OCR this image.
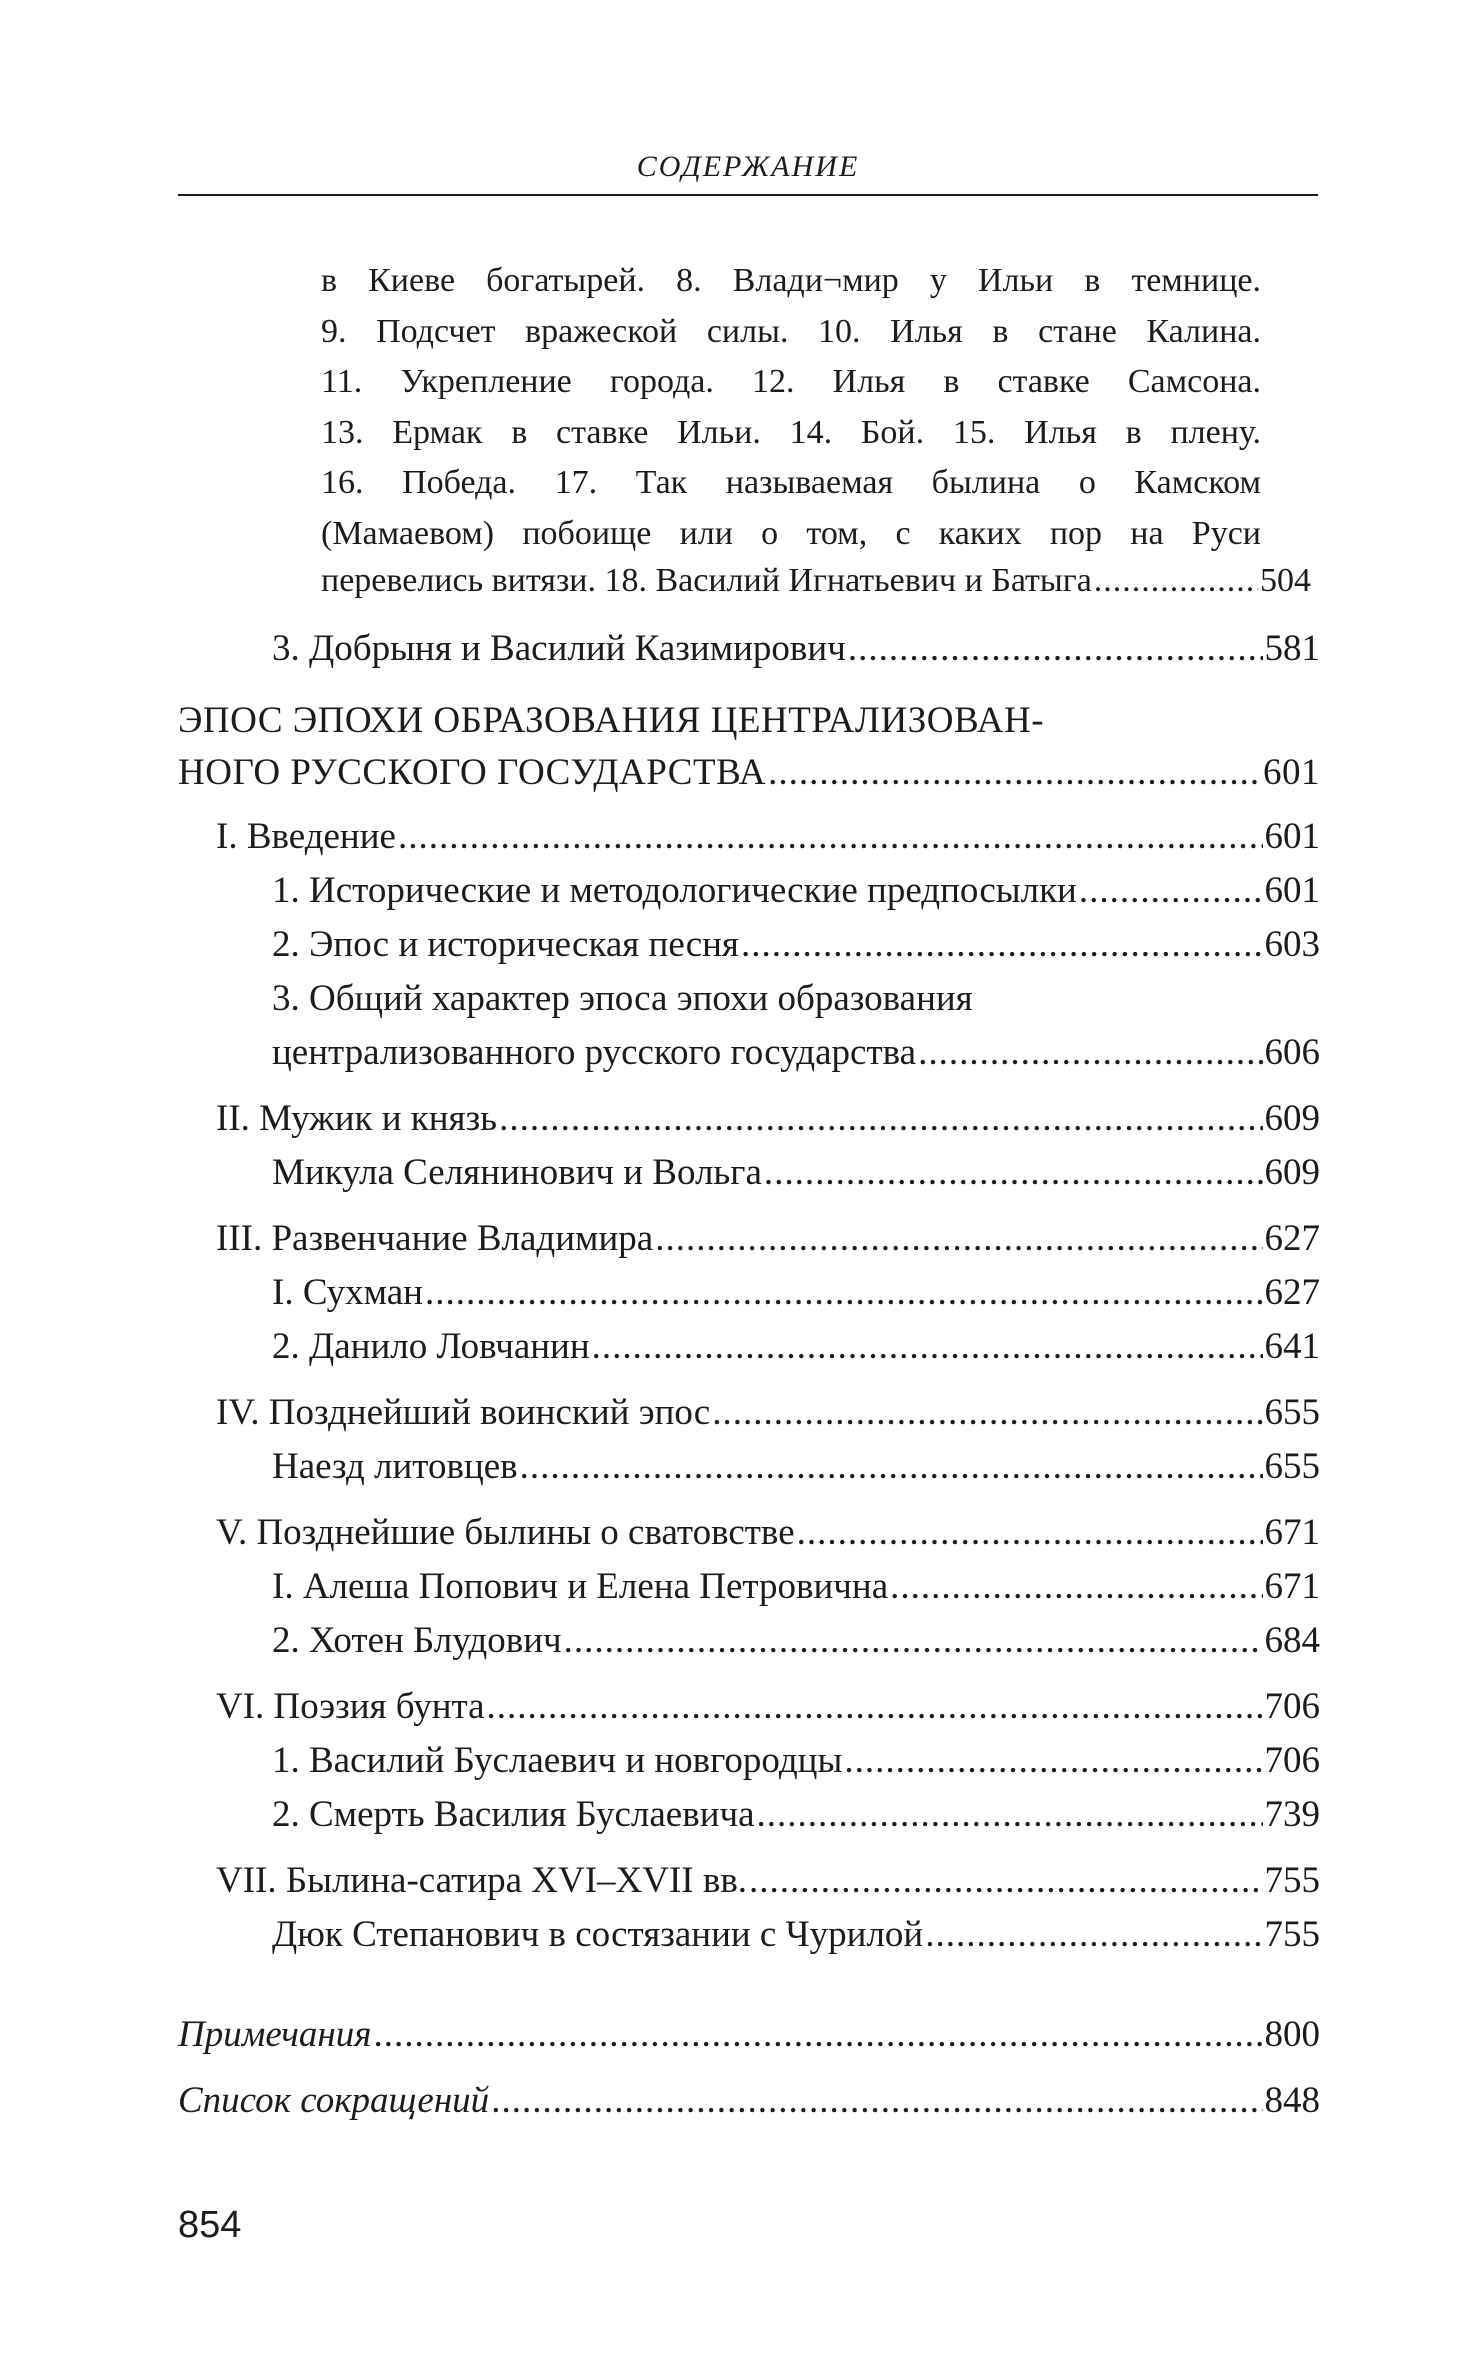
СОДЕРЖАНИЕ
в Киеве богатырей. 8. Влади¬мир у Ильи в темнице.
9. Подсчет вражеской силы. 10. Илья в стане Калина.
11. Укрепление города. 12. Илья в ставке Самсона.
13. Ермак в ставке Ильи. 14. Бой. 15. Илья в плену.
16. Победа. 17. Так называемая былина о Камском
(Мамаевом) побоище или о том, с каких пор на Руси
перевелись витязи. 18. Василий Игнатьевич и Батыга .....	504
3. Добрыня и Василий Казимирович .....	581
ЭПОС ЭПОХИ ОБРАЗОВАНИЯ ЦЕНТРАЛИЗОВАН-
НОГО РУССКОГО ГОСУДАРСТВА .....	601
I. Введение .....	601
1. Исторические и методологические предпосылки .....	601
2. Эпос и историческая песня .....	603
3. Общий характер эпоса эпохи образования
централизованного русского государства .....	606
II. Мужик и князь .....	609
Микула Селянинович и Вольга .....	609
III. Развенчание Владимира .....	627
I. Сухман .....	627
2. Данило Ловчанин .....	641
IV. Позднейший воинский эпос .....	655
Наезд литовцев .....	655
V. Позднейшие былины о сватовстве .....	671
I. Алеша Попович и Елена Петровична .....	671
2. Хотен Блудович .....	684
VI. Поэзия бунта .....	706
1. Василий Буслаевич и новгородцы .....	706
2. Смерть Василия Буслаевича .....	739
VII. Былина-сатира XVI–XVII вв. .....	755
Дюк Степанович в состязании с Чурилой .....	755
Примечания .....	800
Список сокращений .....	848
854
